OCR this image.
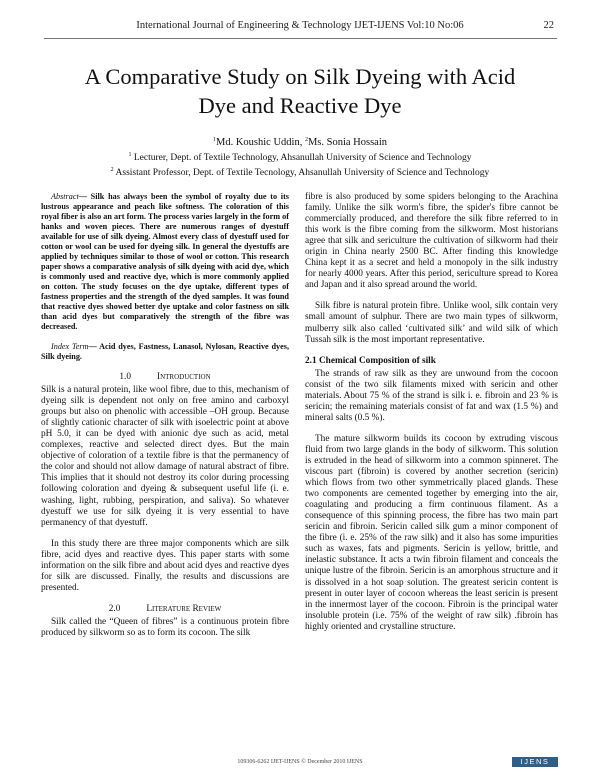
International Journal of Engineering & Technology IJET-IJENS Vol:10 No:06	22
A Comparative Study on Silk Dyeing with Acid
Dye and Reactive Dye
$^1$Md. Koushic Uddin, $^2$Ms. Sonia Hossain
$^1$ Lecturer, Dept. of Textile Technology, Ahsanullah University of Science and Technology
$^2$ Assistant Professor, Dept. of Textile Tecnology, Ahsanullah University of Science and Technology

Abstract— Silk has always been the symbol of royalty due to its lustrous appearance and peach like softness. The coloration of this royal fiber is also an art form. The process varies largely in the form of hanks and woven pieces. There are numerous ranges of dyestuff available for use of silk dyeing. Almost every class of dyestuff used for cotton or wool can be used for dyeing silk. In general the dyestuffs are applied by techniques similar to those of wool or cotton. This research paper shows a comparative analysis of silk dyeing with acid dye, which is commonly used and reactive dye, which is more commonly applied on cotton. The study focuses on the dye uptake, different types of fastness properties and the strength of the dyed samples. It was found that reactive dyes showed better dye uptake and color fastness on silk than acid dyes but comparatively the strength of the fibre was decreased.

Index Term— Acid dyes, Fastness, Lanasol, Nylosan, Reactive dyes, Silk dyeing.

1.0	Introduction

Silk is a natural protein, like wool fibre, due to this, mechanism of dyeing silk is dependent not only on free amino and carboxyl groups but also on phenolic with accessible –OH group. Because of slightly cationic character of silk with isoelectric point at above pH 5.0, it can be dyed with anionic dye such as acid, metal complexes, reactive and selected direct dyes. But the main objective of coloration of a textile fibre is that the permanency of the color and should not allow damage of natural abstract of fibre. This implies that it should not destroy its color during processing following coloration and dyeing & subsequent useful life (i. e. washing, light, rubbing, perspiration, and saliva). So whatever dyestuff we use for silk dyeing it is very essential to have permanency of that dyestuff.

In this study there are three major components which are silk fibre, acid dyes and reactive dyes. This paper starts with some information on the silk fibre and about acid dyes and reactive dyes for silk are discussed. Finally, the results and discussions are presented.

2.0	Literature Review

Silk called the “Queen of fibres” is a continuous protein fibre produced by silkworm so as to form its cocoon. The silk

fibre is also produced by some spiders belonging to the Arachina family. Unlike the silk worm's fibre, the spider's fibre cannot be commercially produced, and therefore the silk fibre referred to in this work is the fibre coming from the silkworm. Most historians agree that silk and sericulture the cultivation of silkworm had their origin in China nearly 2500 BC. After finding this knowledge China kept it as a secret and held a monopoly in the silk industry for nearly 4000 years. After this period, sericulture spread to Korea and Japan and it also spread around the world.

Silk fibre is natural protein fibre. Unlike wool, silk contain very small amount of sulphur. There are two main types of silkworm, mulberry silk also called ‘cultivated silk’ and wild silk of which Tussah silk is the most important representative.

2.1 Chemical Composition of silk

The strands of raw silk as they are unwound from the cocoon consist of the two silk filaments mixed with sericin and other materials. About 75 % of the strand is silk i. e. fibroin and 23 % is sericin; the remaining materials consist of fat and wax (1.5 %) and mineral salts (0.5 %).

The mature silkworm builds its cocoon by extruding viscous fluid from two large glands in the body of silkworm. This solution is extruded in the head of silkworm into a common spinneret. The viscous part (fibroin) is covered by another secretion (sericin) which flows from two other symmetrically placed glands. These two components are cemented together by emerging into the air, coagulating and producing a firm continuous filament. As a consequence of this spinning process, the fibre has two main part sericin and fibroin. Sericin called silk gum a minor component of the fibre (i. e. 25% of the raw silk) and it also has some impurities such as waxes, fats and pigments. Sericin is yellow, brittle, and inelastic substance. It acts a twin fibroin filament and conceals the unique lustre of the fibroin. Sericin is an amorphous structure and it is dissolved in a hot soap solution. The greatest sericin content is present in outer layer of cocoon whereas the least sericin is present in the innermost layer of the cocoon. Fibroin is the principal water insoluble protein (i.e. 75% of the weight of raw silk) .fibroin has highly oriented and crystalline structure.

109306-6262 IJET-IJENS © December 2010 IJENS	IJENS
